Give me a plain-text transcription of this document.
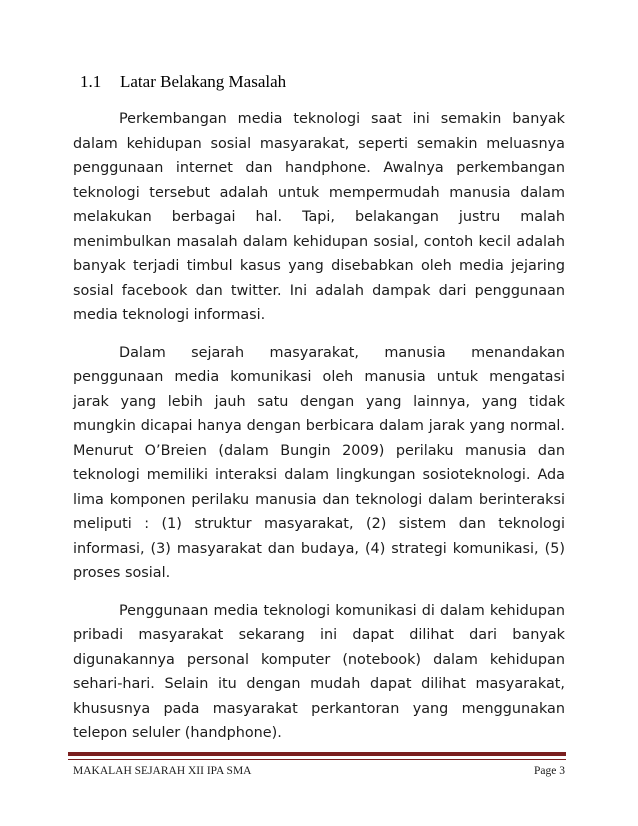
1.1 Latar Belakang Masalah

Perkembangan media teknologi saat ini semakin banyak dalam kehidupan sosial masyarakat, seperti semakin meluasnya penggunaan internet dan handphone. Awalnya perkembangan teknologi tersebut adalah untuk mempermudah manusia dalam melakukan berbagai hal. Tapi, belakangan justru malah menimbulkan masalah dalam kehidupan sosial, contoh kecil adalah banyak terjadi timbul kasus yang disebabkan oleh media jejaring sosial facebook dan twitter. Ini adalah dampak dari penggunaan media teknologi informasi.

Dalam sejarah masyarakat, manusia menandakan penggunaan media komunikasi oleh manusia untuk mengatasi jarak yang lebih jauh satu dengan yang lainnya, yang tidak mungkin dicapai hanya dengan berbicara dalam jarak yang normal. Menurut O’Breien (dalam Bungin 2009) perilaku manusia dan teknologi memiliki interaksi dalam lingkungan sosioteknologi. Ada lima komponen perilaku manusia dan teknologi dalam berinteraksi meliputi : (1) struktur masyarakat, (2) sistem dan teknologi informasi, (3) masyarakat dan budaya, (4) strategi komunikasi, (5) proses sosial.

Penggunaan media teknologi komunikasi di dalam kehidupan pribadi masyarakat sekarang ini dapat dilihat dari banyak digunakannya personal komputer (notebook) dalam kehidupan sehari-hari. Selain itu dengan mudah dapat dilihat masyarakat, khususnya pada masyarakat perkantoran yang menggunakan telepon seluler (handphone).

MAKALAH SEJARAH XII IPA SMA	Page 3
